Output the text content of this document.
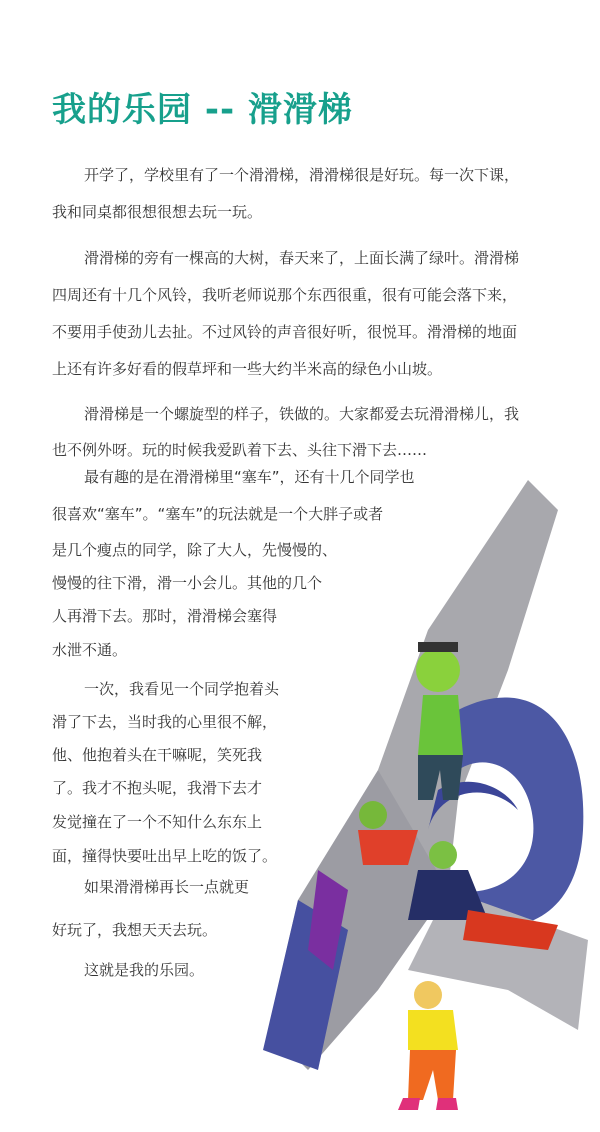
我的乐园 -- 滑滑梯
开学了，学校里有了一个滑滑梯，滑滑梯很是好玩。每一次下课，
我和同桌都很想很想去玩一玩。
滑滑梯的旁有一棵高的大树，春天来了，上面长满了绿叶。滑滑梯
四周还有十几个风铃，我听老师说那个东西很重，很有可能会落下来，
不要用手使劲儿去扯。不过风铃的声音很好听，很悦耳。滑滑梯的地面
上还有许多好看的假草坪和一些大约半米高的绿色小山坡。
滑滑梯是一个螺旋型的样子，铁做的。大家都爱去玩滑滑梯儿，我
也不例外呀。玩的时候我爱趴着下去、头往下滑下去……
最有趣的是在滑滑梯里“塞车”，还有十几个同学也
很喜欢“塞车”。“塞车”的玩法就是一个大胖子或者
是几个瘦点的同学，除了大人，先慢慢的、
慢慢的往下滑，滑一小会儿。其他的几个
人再滑下去。那时，滑滑梯会塞得
水泄不通。
一次，我看见一个同学抱着头
滑了下去，当时我的心里很不解，
他、他抱着头在干嘛呢，笑死我
了。我才不抱头呢，我滑下去才
发觉撞在了一个不知什么东东上
面，撞得快要吐出早上吃的饭了。
如果滑滑梯再长一点就更
好玩了，我想天天去玩。
这就是我的乐园。
